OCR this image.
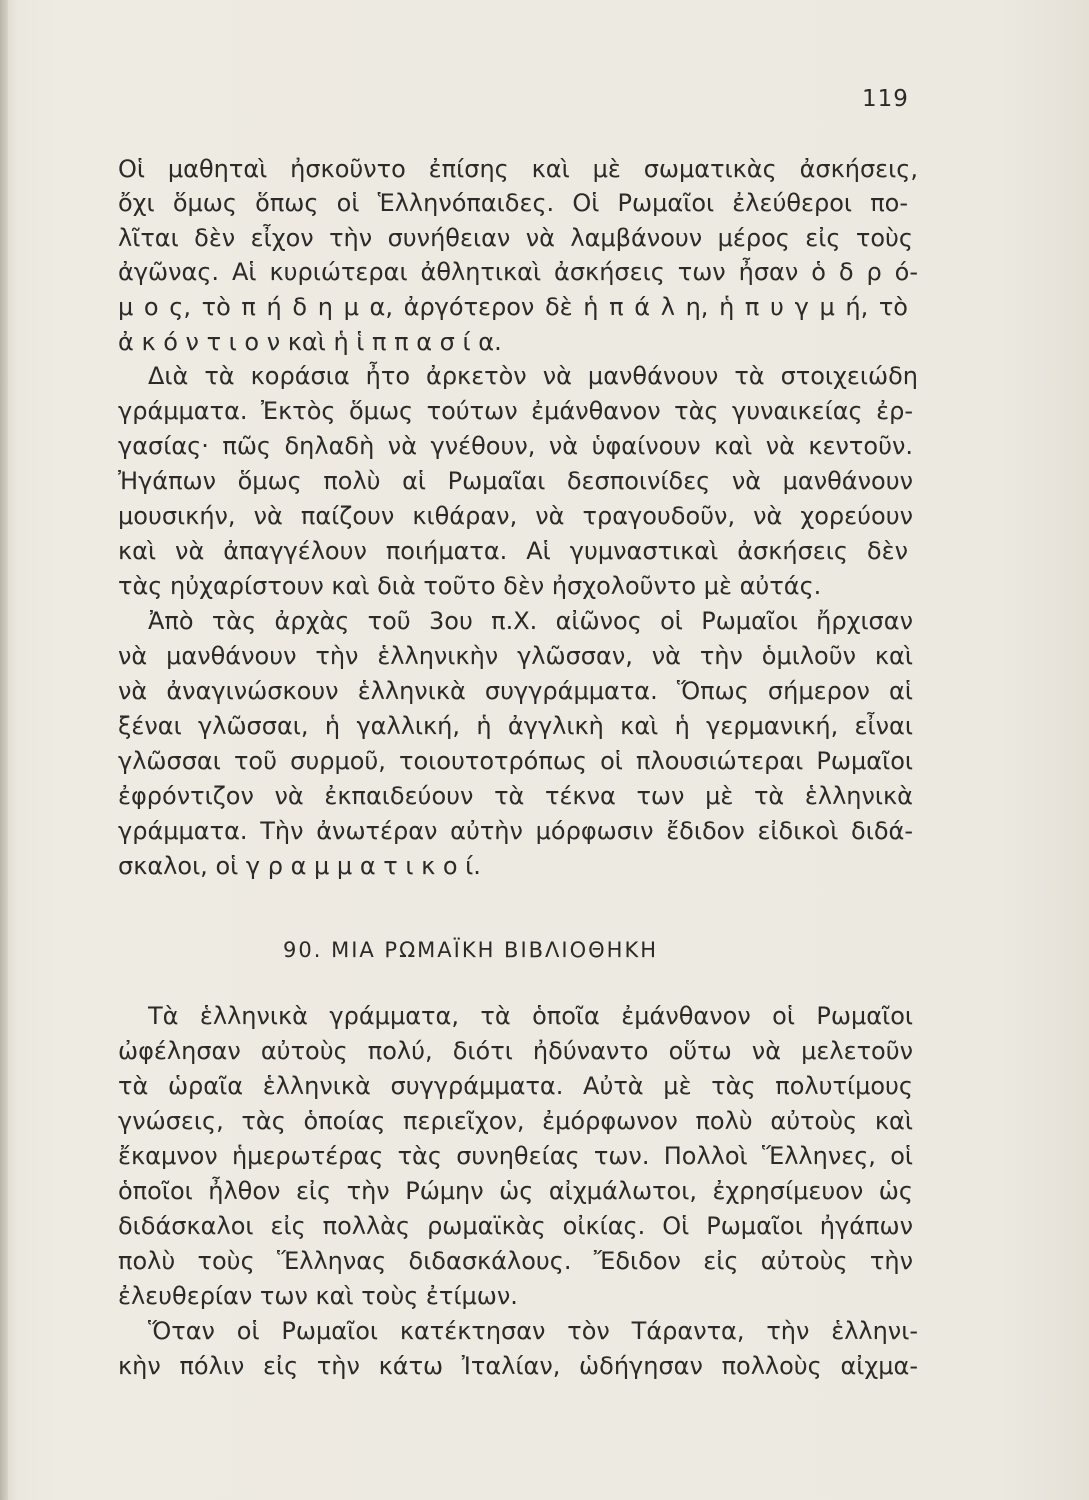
119
Οἱ μαθηταὶ ἠσκοῦντο ἐπίσης καὶ μὲ σωματικὰς ἀσκήσεις,
ὄχι ὅμως ὅπως οἱ Ἑλληνόπαιδες. Οἱ Ρωμαῖοι ἐλεύθεροι πο-
λῖται δὲν εἶχον τὴν συνήθειαν νὰ λαμβάνουν μέρος εἰς τοὺς
ἀγῶνας. Αἱ κυριώτεραι ἀθλητικαὶ ἀσκήσεις των ἦσαν ὁ δ ρ ό-
μ ο ς, τὸ π ή δ η μ α, ἀργότερον δὲ ἡ π ά λ η, ἡ π υ γ μ ή, τὸ
ἀ κ ό ν τ ι ο ν καὶ ἡ ἱ π π α σ ί α.
Διὰ τὰ κοράσια ἦτο ἀρκετὸν νὰ μανθάνουν τὰ στοιχειώδη
γράμματα. Ἐκτὸς ὅμως τούτων ἐμάνθανον τὰς γυναικείας ἐρ-
γασίας· πῶς δηλαδὴ νὰ γνέθουν, νὰ ὑφαίνουν καὶ νὰ κεντοῦν.
Ἠγάπων ὅμως πολὺ αἱ Ρωμαῖαι δεσποινίδες νὰ μανθάνουν
μουσικήν, νὰ παίζουν κιθάραν, νὰ τραγουδοῦν, νὰ χορεύουν
καὶ νὰ ἀπαγγέλουν ποιήματα. Αἱ γυμναστικαὶ ἀσκήσεις δὲν
τὰς ηὐχαρίστουν καὶ διὰ τοῦτο δὲν ἠσχολοῦντο μὲ αὐτάς.
Ἀπὸ τὰς ἀρχὰς τοῦ 3ου π.Χ. αἰῶνος οἱ Ρωμαῖοι ἤρχισαν
νὰ μανθάνουν τὴν ἑλληνικὴν γλῶσσαν, νὰ τὴν ὁμιλοῦν καὶ
νὰ ἀναγινώσκουν ἑλληνικὰ συγγράμματα. Ὅπως σήμερον αἱ
ξέναι γλῶσσαι, ἡ γαλλική, ἡ ἀγγλικὴ καὶ ἡ γερμανική, εἶναι
γλῶσσαι τοῦ συρμοῦ, τοιουτοτρόπως οἱ πλουσιώτεραι Ρωμαῖοι
ἐφρόντιζον νὰ ἐκπαιδεύουν τὰ τέκνα των μὲ τὰ ἑλληνικὰ
γράμματα. Τὴν ἀνωτέραν αὐτὴν μόρφωσιν ἔδιδον εἰδικοὶ διδά-
σκαλοι, οἱ γ ρ α μ μ α τ ι κ ο ί.
90. ΜΙΑ ΡΩΜΑΪΚΗ ΒΙΒΛΙΟΘΗΚΗ
Τὰ ἑλληνικὰ γράμματα, τὰ ὁποῖα ἐμάνθανον οἱ Ρωμαῖοι
ὠφέλησαν αὐτοὺς πολύ, διότι ἠδύναντο οὕτω νὰ μελετοῦν
τὰ ὡραῖα ἑλληνικὰ συγγράμματα. Αὐτὰ μὲ τὰς πολυτίμους
γνώσεις, τὰς ὁποίας περιεῖχον, ἐμόρφωνον πολὺ αὐτοὺς καὶ
ἔκαμνον ἡμερωτέρας τὰς συνηθείας των. Πολλοὶ Ἕλληνες, οἱ
ὁποῖοι ἦλθον εἰς τὴν Ρώμην ὡς αἰχμάλωτοι, ἐχρησίμευον ὡς
διδάσκαλοι εἰς πολλὰς ρωμαϊκὰς οἰκίας. Οἱ Ρωμαῖοι ἠγάπων
πολὺ τοὺς Ἕλληνας διδασκάλους. Ἔδιδον εἰς αὐτοὺς τὴν
ἐλευθερίαν των καὶ τοὺς ἐτίμων.
Ὅταν οἱ Ρωμαῖοι κατέκτησαν τὸν Τάραντα, τὴν ἑλληνι-
κὴν πόλιν εἰς τὴν κάτω Ἰταλίαν, ὡδήγησαν πολλοὺς αἰχμα-
